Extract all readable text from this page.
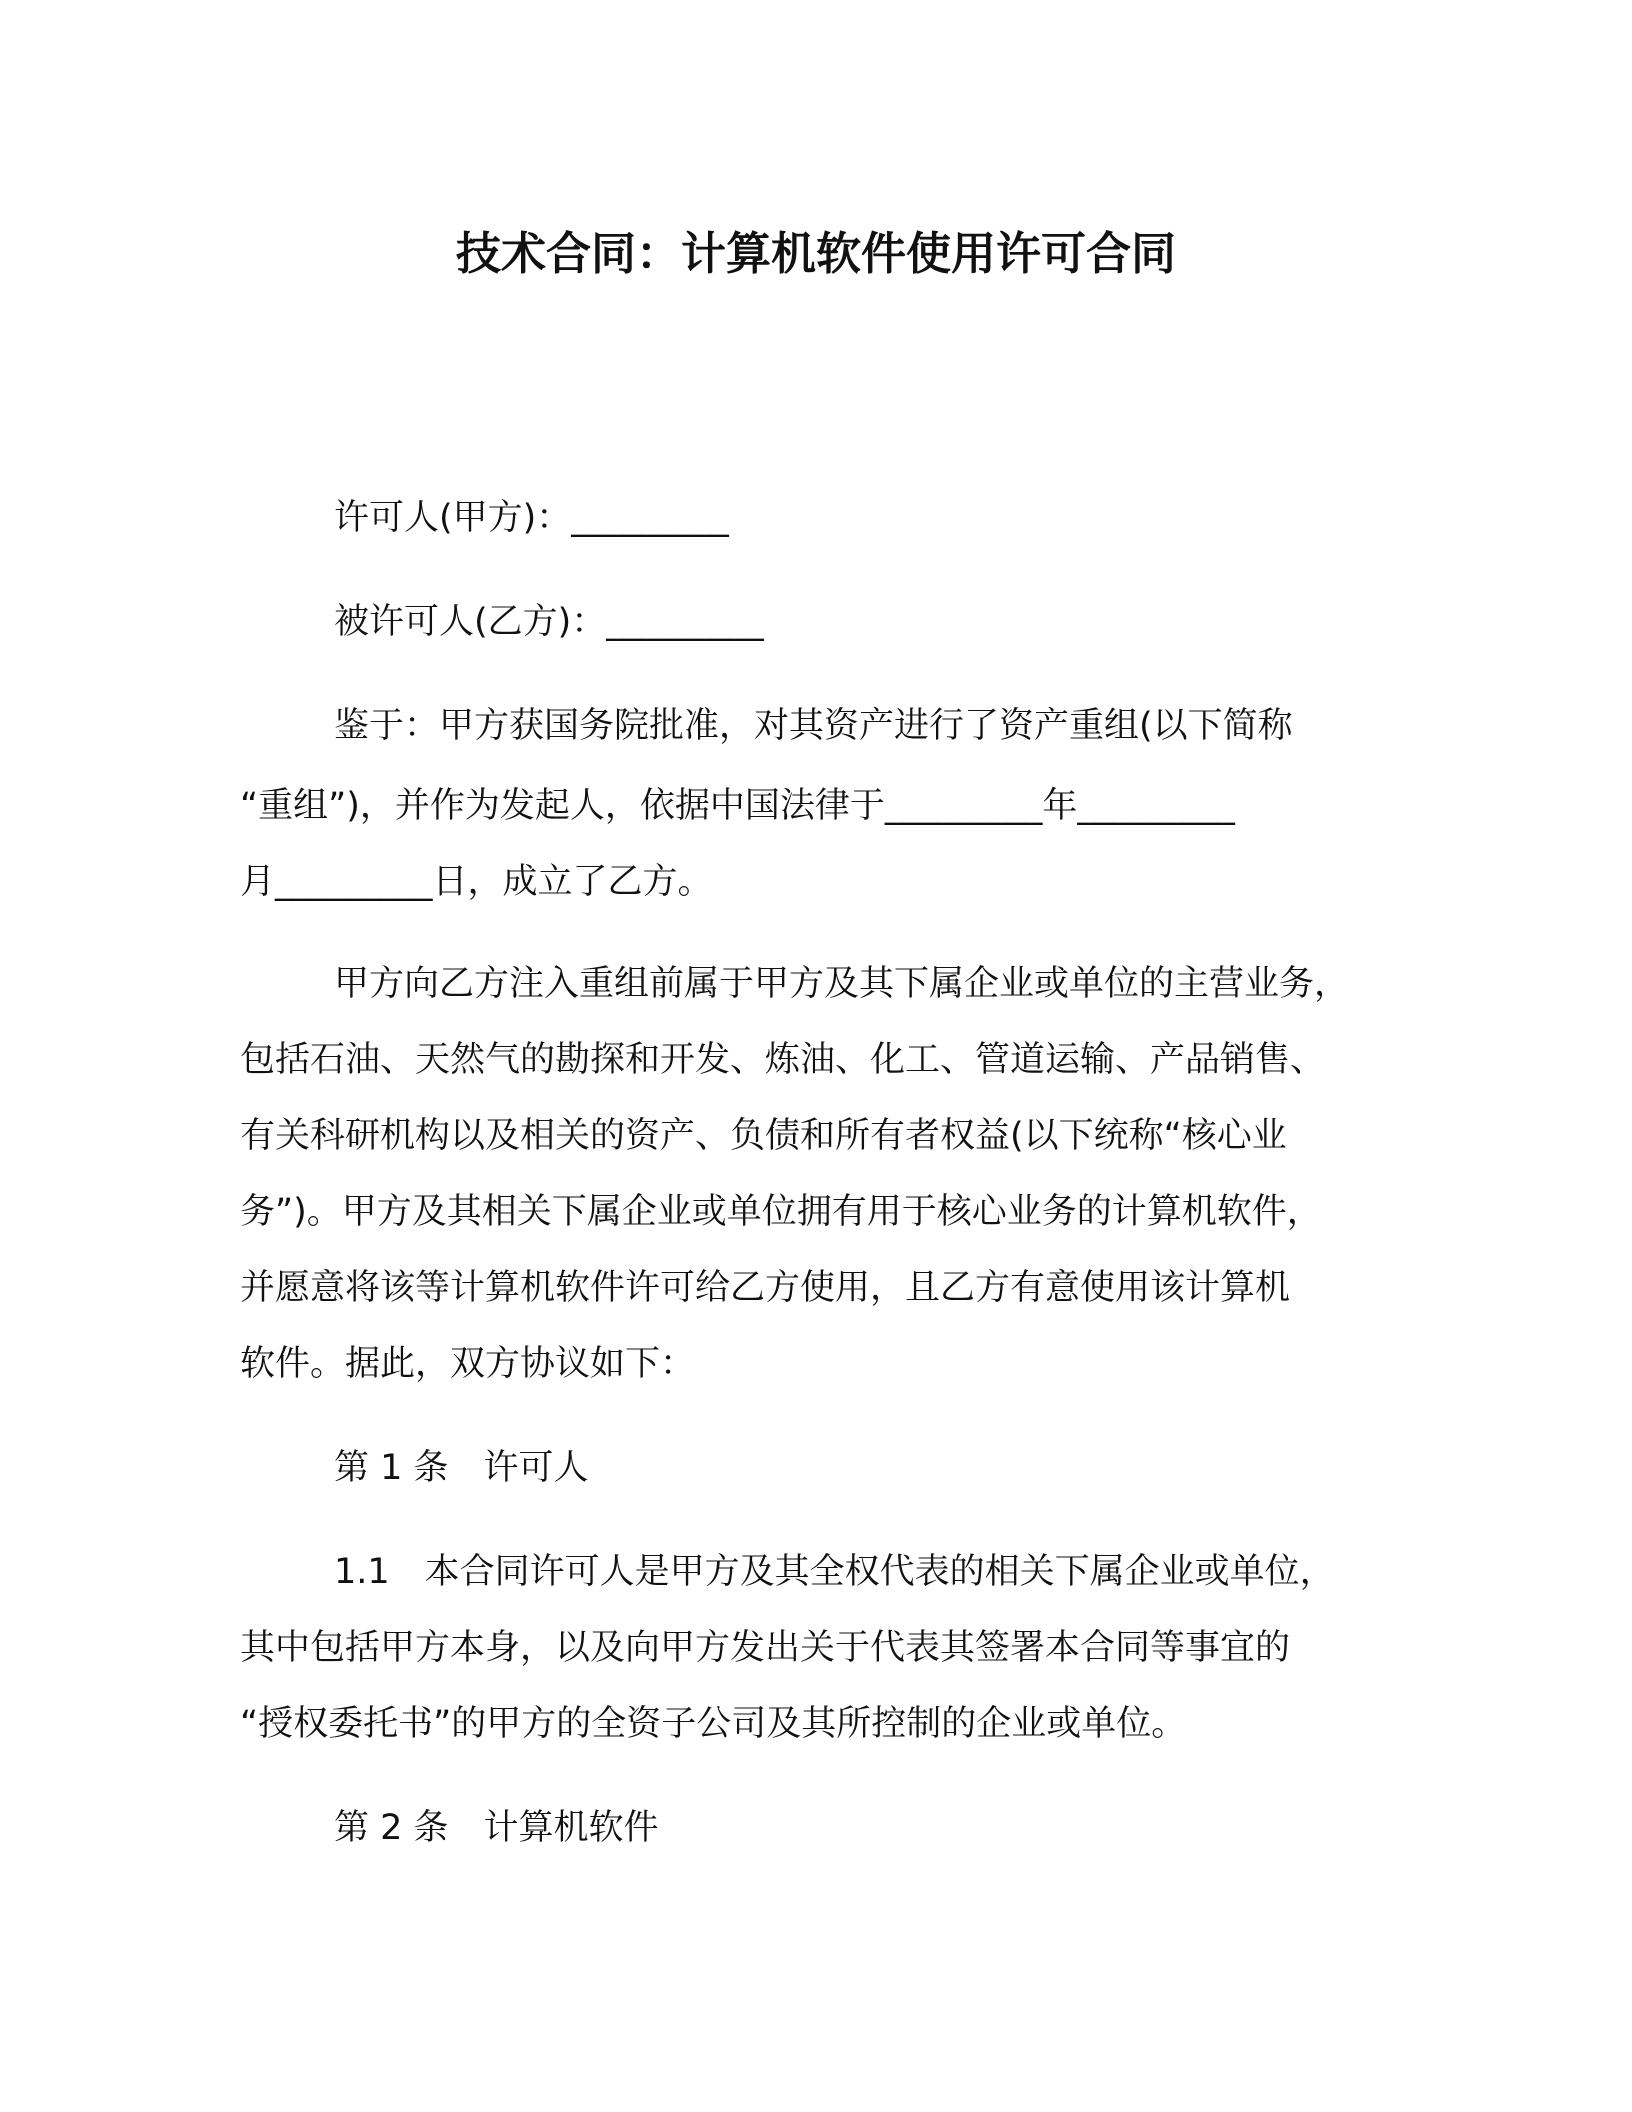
技术合同：计算机软件使用许可合同
许可人(甲方)：_________
被许可人(乙方)：_________
鉴于：甲方获国务院批准，对其资产进行了资产重组(以下简称
“重组”)，并作为发起人，依据中国法律于_________年_________
月_________日，成立了乙方。
甲方向乙方注入重组前属于甲方及其下属企业或单位的主营业务，
包括石油、天然气的勘探和开发、炼油、化工、管道运输、产品销售、
有关科研机构以及相关的资产、负债和所有者权益(以下统称“核心业
务”)。甲方及其相关下属企业或单位拥有用于核心业务的计算机软件，
并愿意将该等计算机软件许可给乙方使用，且乙方有意使用该计算机
软件。据此，双方协议如下：
第 1 条　许可人
1.1　本合同许可人是甲方及其全权代表的相关下属企业或单位，
其中包括甲方本身，以及向甲方发出关于代表其签署本合同等事宜的
“授权委托书”的甲方的全资子公司及其所控制的企业或单位。
第 2 条　计算机软件
